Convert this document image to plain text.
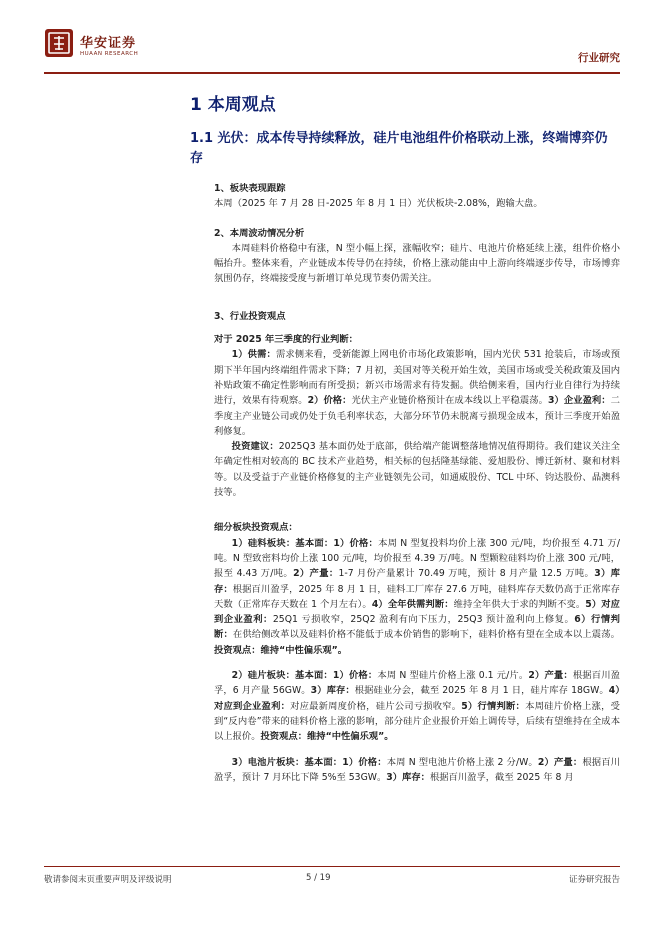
华安证券
HUAAN RESEARCH	行业研究
1 本周观点
1.1 光伏：成本传导持续释放，硅片电池组件价格联动上涨，终端博弈仍存
1、板块表现跟踪

本周（2025 年 7 月 28 日-2025 年 8 月 1 日）光伏板块-2.08%，跑输大盘。

2、本周波动情况分析

本周硅料价格稳中有涨，N 型小幅上探，涨幅收窄；硅片、电池片价格延续上涨，组件价格小幅抬升。整体来看，产业链成本传导仍在持续，价格上涨动能由中上游向终端逐步传导，市场博弈氛围仍存，终端接受度与新增订单兑现节奏仍需关注。

3、行业投资观点

对于 2025 年三季度的行业判断：

1）供需：需求侧来看，受新能源上网电价市场化政策影响，国内光伏 531 抢装后，市场或预期下半年国内终端组件需求下降；7 月初，美国对等关税开始生效，美国市场或受关税政策及国内补贴政策不确定性影响而有所受损；新兴市场需求有待发掘。供给侧来看，国内行业自律行为持续进行，效果有待观察。2）价格：光伏主产业链价格预计在成本线以上平稳震荡。3）企业盈利：二季度主产业链公司或仍处于负毛利率状态，大部分环节仍未脱离亏损现金成本，预计三季度开始盈利修复。

投资建议：2025Q3 基本面仍处于底部，供给端产能调整落地情况值得期待。我们建议关注全年确定性相对较高的 BC 技术产业趋势，相关标的包括隆基绿能、爱旭股份、博迁新材、聚和材料等。以及受益于产业链价格修复的主产业链领先公司，如通威股份、TCL 中环、钧达股份、晶澳科技等。

细分板块投资观点：

1）硅料板块：基本面：1）价格：本周 N 型复投料均价上涨 300 元/吨，均价报至 4.71 万/吨。N 型致密料均价上涨 100 元/吨，均价报至 4.39 万/吨。N 型颗粒硅料均价上涨 300 元/吨，报至 4.43 万/吨。2）产量：1-7 月份产量累计 70.49 万吨，预计 8 月产量 12.5 万吨。3）库存：根据百川盈孚，2025 年 8 月 1 日，硅料工厂库存 27.6 万吨，硅料库存天数仍高于正常库存天数（正常库存天数在 1 个月左右）。4）全年供需判断：维持全年供大于求的判断不变。5）对应到企业盈利：25Q1 亏损收窄，25Q2 盈利有向下压力，25Q3 预计盈利向上修复。6）行情判断：在供给侧改革以及硅料价格不能低于成本价销售的影响下，硅料价格有望在全成本以上震荡。投资观点：维持“中性偏乐观”。

2）硅片板块：基本面：1）价格：本周 N 型硅片价格上涨 0.1 元/片。2）产量：根据百川盈孚，6 月产量 56GW。3）库存：根据硅业分会，截至 2025 年 8 月 1 日，硅片库存 18GW。4）对应到企业盈利：对应最新周度价格，硅片公司亏损收窄。5）行情判断：本周硅片价格上涨，受到“反内卷”带来的硅料价格上涨的影响，部分硅片企业报价开始上调传导，后续有望维持在全成本以上报价。投资观点：维持“中性偏乐观”。

3）电池片板块：基本面：1）价格：本周 N 型电池片价格上涨 2 分/W。2）产量：根据百川盈孚，预计 7 月环比下降 5%至 53GW。3）库存：根据百川盈孚，截至 2025 年 8 月

敬请参阅末页重要声明及评级说明	5 / 19	证券研究报告
